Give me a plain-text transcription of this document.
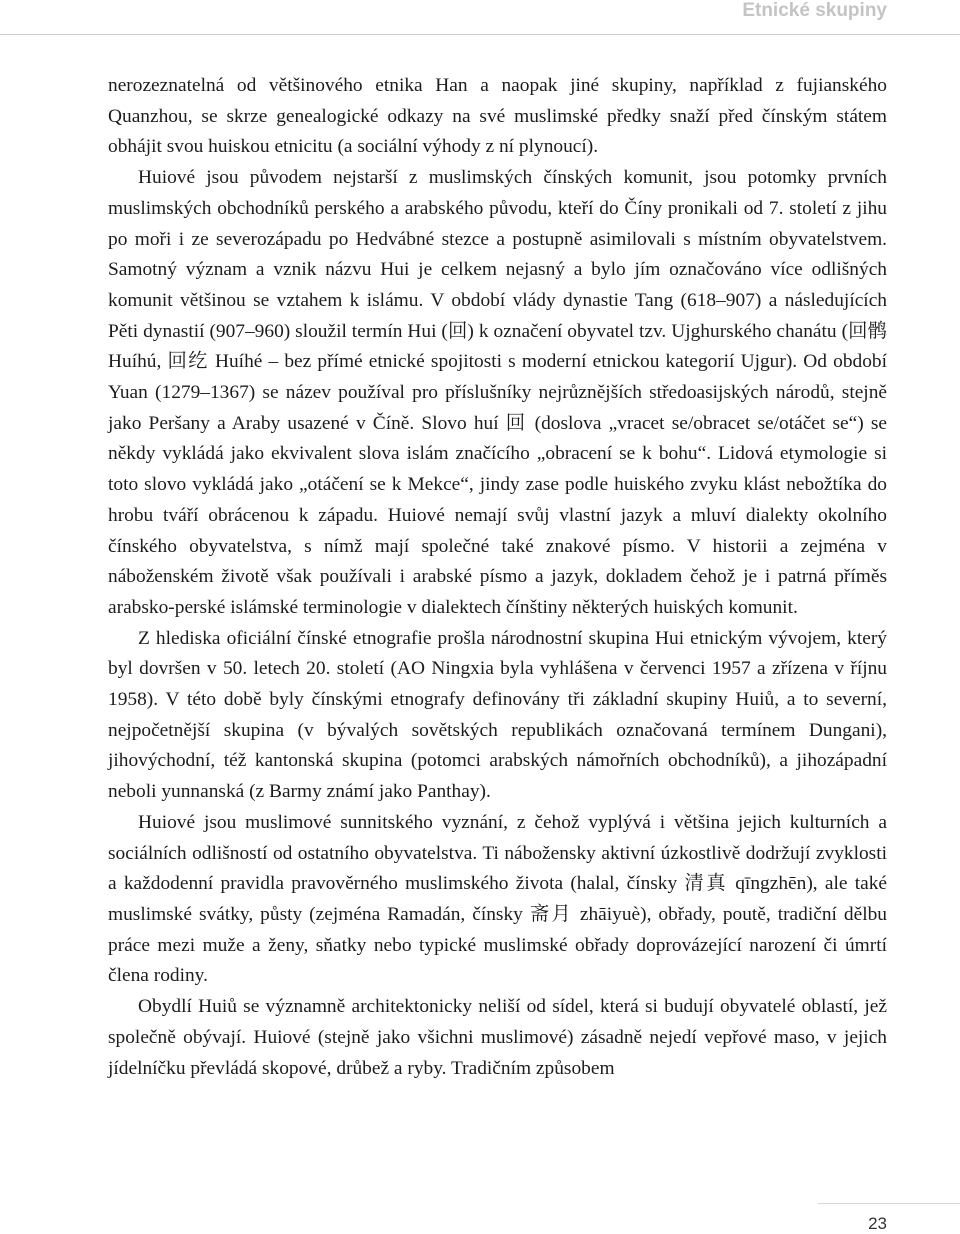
Etnické skupiny

nerozeznatelná od většinového etnika Han a naopak jiné skupiny, například z fujianského Quanzhou, se skrze genealogické odkazy na své muslimské předky snaží před čínským státem obhájit svou huiskou etnicitu (a sociální výhody z ní plynoucí).

Huiové jsou původem nejstarší z muslimských čínských komunit, jsou potomky prvních muslimských obchodníků perského a arabského původu, kteří do Číny pronikali od 7. století z jihu po moři i ze severozápadu po Hedvábné stezce a postupně asimilovali s místním obyvatelstvem. Samotný význam a vznik názvu Hui je celkem nejasný a bylo jím označováno více odlišných komunit většinou se vztahem k islámu. V období vlády dynastie Tang (618–907) a následujících Pěti dynastií (907–960) sloužil termín Hui (回) k označení obyvatel tzv. Ujghurského chanátu (回鹘 Huíhú, 回纥 Huíhé – bez přímé etnické spojitosti s moderní etnickou kategorií Ujgur). Od období Yuan (1279–1367) se název používal pro příslušníky nejrůznějších středoasijských národů, stejně jako Peršany a Araby usazené v Číně. Slovo huí 回 (doslova „vracet se/obracet se/otáčet se“) se někdy vykládá jako ekvivalent slova islám značícího „obracení se k bohu“. Lidová etymologie si toto slovo vykládá jako „otáčení se k Mekce“, jindy zase podle huiského zvyku klást nebožtíka do hrobu tváří obrácenou k západu. Huiové nemají svůj vlastní jazyk a mluví dialekty okolního čínského obyvatelstva, s nímž mají společné také znakové písmo. V historii a zejména v náboženském životě však používali i arabské písmo a jazyk, dokladem čehož je i patrná příměs arabsko-perské islámské terminologie v dialektech čínštiny některých huiských komunit.

Z hlediska oficiální čínské etnografie prošla národnostní skupina Hui etnickým vývojem, který byl dovršen v 50. letech 20. století (AO Ningxia byla vyhlášena v červenci 1957 a zřízena v říjnu 1958). V této době byly čínskými etnografy definovány tři základní skupiny Huiů, a to severní, nejpočetnější skupina (v bývalých sovětských republikách označovaná termínem Dungani), jihovýchodní, též kantonská skupina (potomci arabských námořních obchodníků), a jihozápadní neboli yunnanská (z Barmy známí jako Panthay).

Huiové jsou muslimové sunnitského vyznání, z čehož vyplývá i většina jejich kulturních a sociálních odlišností od ostatního obyvatelstva. Ti nábožensky aktivní úzkostlivě dodržují zvyklosti a každodenní pravidla pravověrného muslimského života (halal, čínsky 清真 qīngzhēn), ale také muslimské svátky, půsty (zejména Ramadán, čínsky 斋月 zhāiyuè), obřady, poutě, tradiční dělbu práce mezi muže a ženy, sňatky nebo typické muslimské obřady doprovázející narození či úmrtí člena rodiny.

Obydlí Huiů se významně architektonicky neliší od sídel, která si budují obyvatelé oblastí, jež společně obývají. Huiové (stejně jako všichni muslimové) zásadně nejedí vepřové maso, v jejich jídelníčku převládá skopové, drůbež a ryby. Tradičním způsobem

23
